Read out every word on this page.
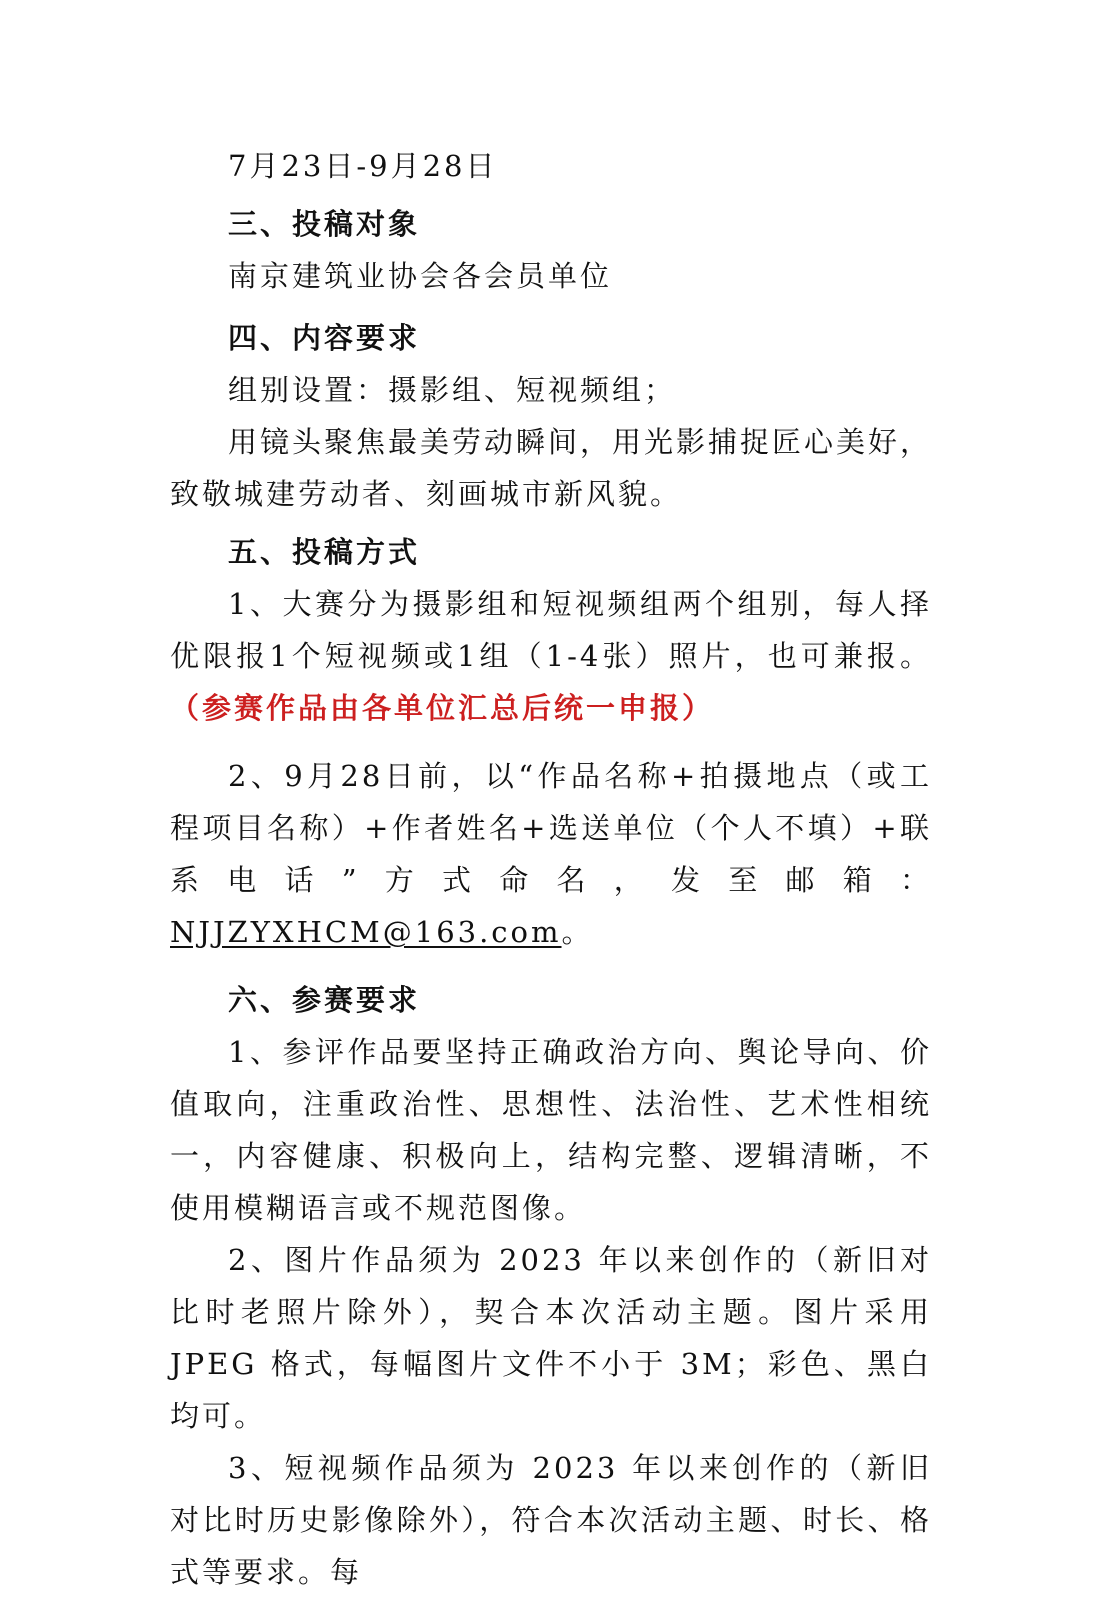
7月23日-9月28日

三、投稿对象

南京建筑业协会各会员单位

四、内容要求

组别设置：摄影组、短视频组；

用镜头聚焦最美劳动瞬间，用光影捕捉匠心美好，致敬城建劳动者、刻画城市新风貌。

五、投稿方式

1、大赛分为摄影组和短视频组两个组别，每人择优限报1个短视频或1组（1-4张）照片，也可兼报。（参赛作品由各单位汇总后统一申报）

2、9月28日前，以“作品名称+拍摄地点（或工程项目名称）+作者姓名+选送单位（个人不填）+联系电话”方式命名，发至邮箱：NJJZYXHCM@163.com。

六、参赛要求

1、参评作品要坚持正确政治方向、舆论导向、价值取向，注重政治性、思想性、法治性、艺术性相统一，内容健康、积极向上，结构完整、逻辑清晰，不使用模糊语言或不规范图像。

2、图片作品须为 2023 年以来创作的（新旧对比时老照片除外），契合本次活动主题。图片采用 JPEG 格式，每幅图片文件不小于 3M；彩色、黑白均可。

3、短视频作品须为 2023 年以来创作的（新旧对比时历史影像除外），符合本次活动主题、时长、格式等要求。每
